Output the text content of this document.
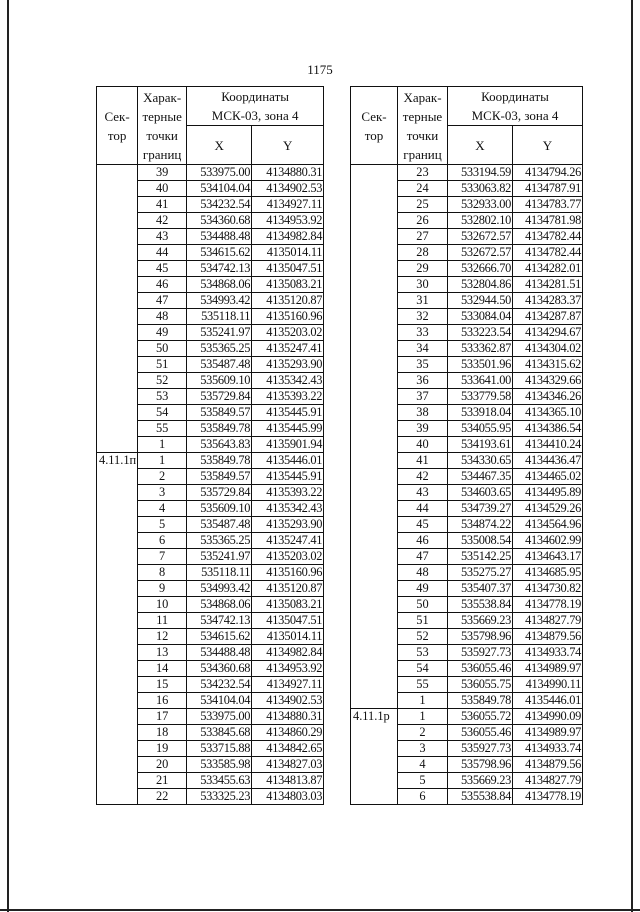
1175
Сек-
тор	Харак-
терные
точки
границ	Координаты
МСК-03, зона 4	
		X	Y
	39	533975.00	4134880.31
	40	534104.04	4134902.53
	41	534232.54	4134927.11
	42	534360.68	4134953.92
	43	534488.48	4134982.84
	44	534615.62	4135014.11
	45	534742.13	4135047.51
	46	534868.06	4135083.21
	47	534993.42	4135120.87
	48	535118.11	4135160.96
	49	535241.97	4135203.02
	50	535365.25	4135247.41
	51	535487.48	4135293.90
	52	535609.10	4135342.43
	53	535729.84	4135393.22
	54	535849.57	4135445.91
	55	535849.78	4135445.99
	1	535643.83	4135901.94
4.11.1п	1	535849.78	4135446.01
	2	535849.57	4135445.91
	3	535729.84	4135393.22
	4	535609.10	4135342.43
	5	535487.48	4135293.90
	6	535365.25	4135247.41
	7	535241.97	4135203.02
	8	535118.11	4135160.96
	9	534993.42	4135120.87
	10	534868.06	4135083.21
	11	534742.13	4135047.51
	12	534615.62	4135014.11
	13	534488.48	4134982.84
	14	534360.68	4134953.92
	15	534232.54	4134927.11
	16	534104.04	4134902.53
	17	533975.00	4134880.31
	18	533845.68	4134860.29
	19	533715.88	4134842.65
	20	533585.98	4134827.03
	21	533455.63	4134813.87
	22	533325.23	4134803.03
Сек-
тор	Харак-
терные
точки
границ	Координаты
МСК-03, зона 4	
		X	Y
	23	533194.59	4134794.26
	24	533063.82	4134787.91
	25	532933.00	4134783.77
	26	532802.10	4134781.98
	27	532672.57	4134782.44
	28	532672.57	4134782.44
	29	532666.70	4134282.01
	30	532804.86	4134281.51
	31	532944.50	4134283.37
	32	533084.04	4134287.87
	33	533223.54	4134294.67
	34	533362.87	4134304.02
	35	533501.96	4134315.62
	36	533641.00	4134329.66
	37	533779.58	4134346.26
	38	533918.04	4134365.10
	39	534055.95	4134386.54
	40	534193.61	4134410.24
	41	534330.65	4134436.47
	42	534467.35	4134465.02
	43	534603.65	4134495.89
	44	534739.27	4134529.26
	45	534874.22	4134564.96
	46	535008.54	4134602.99
	47	535142.25	4134643.17
	48	535275.27	4134685.95
	49	535407.37	4134730.82
	50	535538.84	4134778.19
	51	535669.23	4134827.79
	52	535798.96	4134879.56
	53	535927.73	4134933.74
	54	536055.46	4134989.97
	55	536055.75	4134990.11
	1	535849.78	4135446.01
4.11.1р	1	536055.72	4134990.09
	2	536055.46	4134989.97
	3	535927.73	4134933.74
	4	535798.96	4134879.56
	5	535669.23	4134827.79
	6	535538.84	4134778.19
